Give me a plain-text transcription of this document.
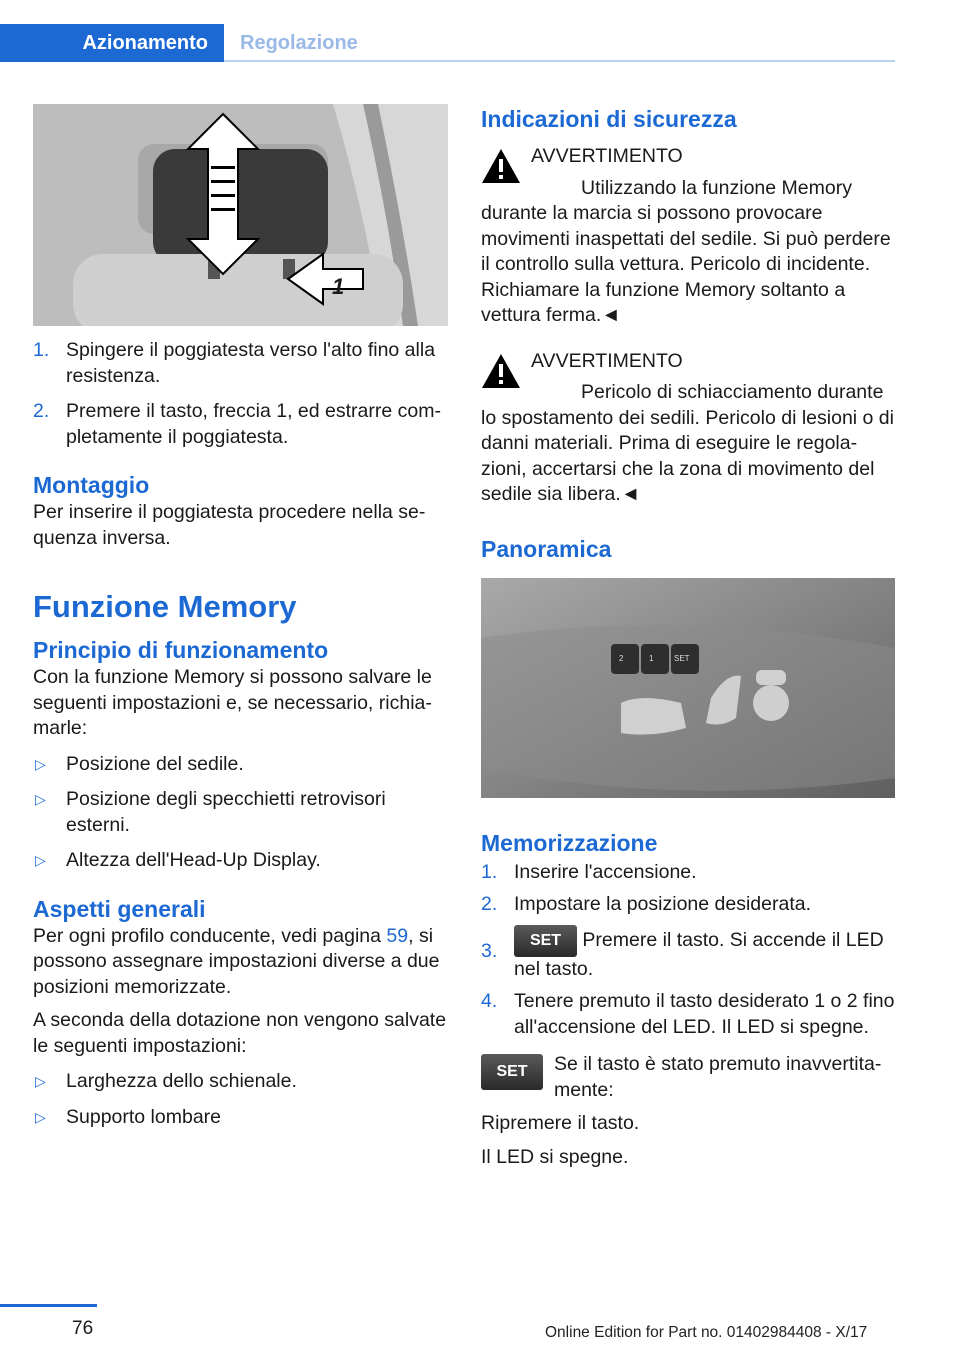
Azionamento	Regolazione
1
1. Spingere il poggiatesta verso l'alto fino alla resistenza.
2. Premere il tasto, freccia 1, ed estrarre completamente il poggiatesta.
Montaggio

Per inserire il poggiatesta procedere nella sequenza inversa.

Funzione Memory
Principio di funzionamento

Con la funzione Memory si possono salvare le seguenti impostazioni e, se necessario, richiamarle:

▷ Posizione del sedile.
▷ Posizione degli specchietti retrovisori esterni.
▷ Altezza dell'Head-Up Display.
Aspetti generali

Per ogni profilo conducente, vedi pagina 59, si possono assegnare impostazioni diverse a due posizioni memorizzate.

A seconda della dotazione non vengono salvate le seguenti impostazioni:

▷ Larghezza dello schienale.
▷ Supporto lombare
Indicazioni di sicurezza
AVVERTIMENTO
Utilizzando la funzione Memory durante la marcia si possono provocare movimenti inaspettati del sedile. Si può perdere il controllo sulla vettura. Pericolo di incidente. Richiamare la funzione Memory soltanto a vettura ferma.◄
AVVERTIMENTO
Pericolo di schiacciamento durante lo spostamento dei sedili. Pericolo di lesioni o di danni materiali. Prima di eseguire le regolazioni, accertarsi che la zona di movimento del sedile sia libera.◄
Panoramica
2	1	SET
Memorizzazione
1. Inserire l'accensione.
2. Impostare la posizione desiderata.
3. SET Premere il tasto. Si accende il LED nel tasto.
4. Tenere premuto il tasto desiderato 1 o 2 fino all'accensione del LED. Il LED si spegne.
SET	Se il tasto è stato premuto inavvertitamente:

Ripremere il tasto.

Il LED si spegne.

76	Online Edition for Part no. 01402984408 - X/17
